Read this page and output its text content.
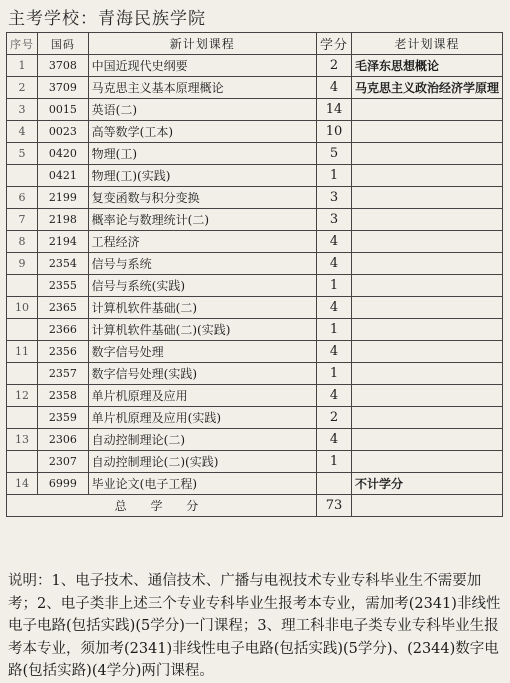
主考学校：青海民族学院
序号	国码	新计划课程	学分	老计划课程
1	3708	中国近现代史纲要	2	毛泽东思想概论
2	3709	马克思主义基本原理概论	4	马克思主义政治经济学原理
3	0015	英语(二)	14	
4	0023	高等数学(工本)	10	
5	0420	物理(工)	5	
	0421	物理(工)(实践)	1	
6	2199	复变函数与积分变换	3	
7	2198	概率论与数理统计(二)	3	
8	2194	工程经济	4	
9	2354	信号与系统	4	
	2355	信号与系统(实践)	1	
10	2365	计算机软件基础(二)	4	
	2366	计算机软件基础(二)(实践)	1	
11	2356	数字信号处理	4	
	2357	数字信号处理(实践)	1	
12	2358	单片机原理及应用	4	
	2359	单片机原理及应用(实践)	2	
13	2306	自动控制理论(二)	4	
	2307	自动控制理论(二)(实践)	1	
14	6999	毕业论文(电子工程)		不计学分
总 学 分			73	
说明：1、电子技术、通信技术、广播与电视技术专业专科毕业生不需要加考；2、电子类非上述三个专业专科毕业生报考本专业，需加考(2341)非线性电子电路(包括实践)(5学分)一门课程；3、理工科非电子类专业专科毕业生报考本专业，须加考(2341)非线性电子电路(包括实践)(5学分)、(2344)数字电路(包括实路)(4学分)两门课程。
